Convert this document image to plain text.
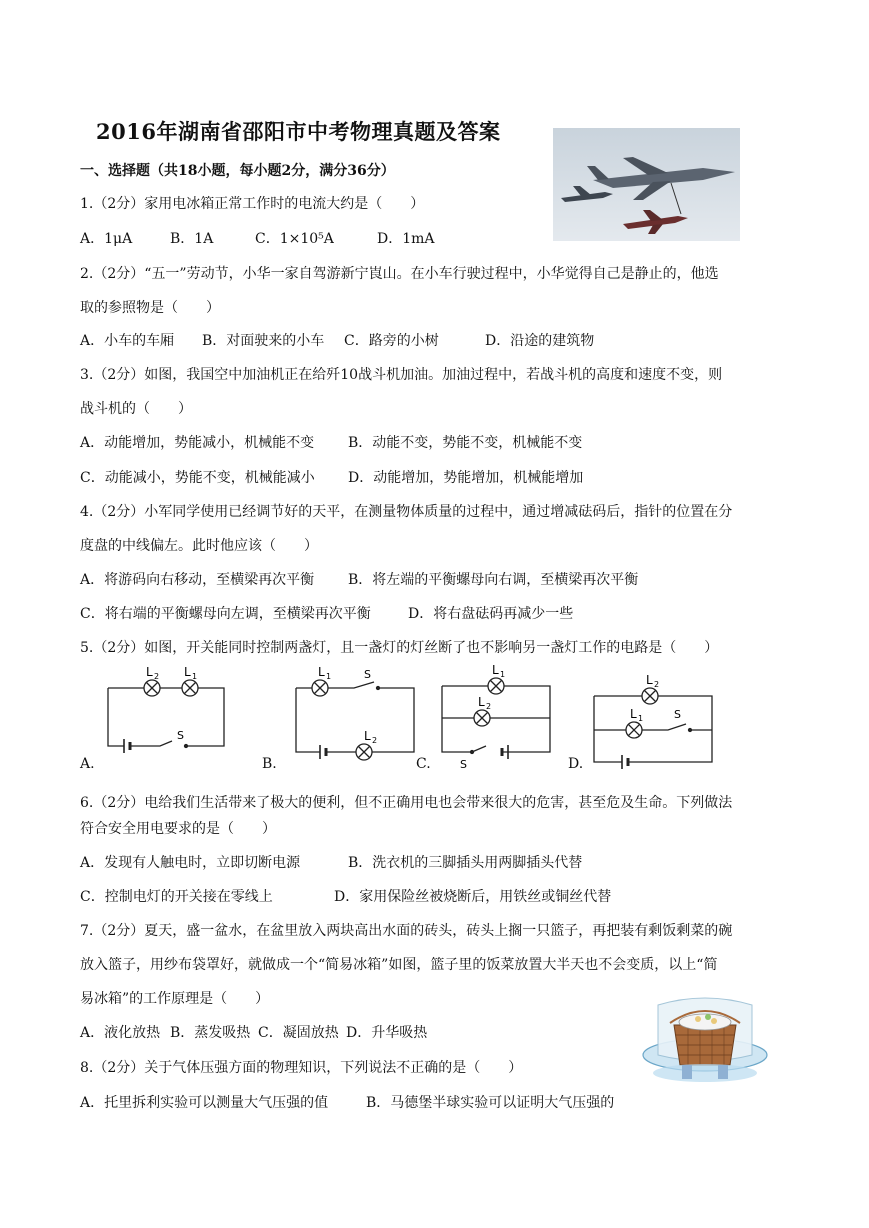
2016年湖南省邵阳市中考物理真题及答案
一、选择题（共18小题，每小题2分，满分36分）
1.（2分）家用电冰箱正常工作时的电流大约是（　　）
A．1μA	B．1A	C．1×10⁵A	D．1mA
2.（2分）“五一”劳动节，小华一家自驾游新宁崀山。在小车行驶过程中，小华觉得自己是静止的，他选
取的参照物是（　　）
A．小车的车厢 B．对面驶来的小车 C．路旁的小树	D．沿途的建筑物
3.（2分）如图，我国空中加油机正在给歼10战斗机加油。加油过程中，若战斗机的高度和速度不变，则
战斗机的（　　）
A．动能增加，势能减小，机械能不变 B．动能不变，势能不变，机械能不变
C．动能减小，势能不变，机械能减小 D．动能增加，势能增加，机械能增加
4.（2分）小军同学使用已经调节好的天平，在测量物体质量的过程中，通过增减砝码后，指针的位置在分
度盘的中线偏左。此时他应该（　　）
A．将游码向右移动，至横梁再次平衡 B．将左端的平衡螺母向右调，至横梁再次平衡
C．将右端的平衡螺母向左调，至横梁再次平衡	D．将右盘砝码再减少一些
5.（2分）如图，开关能同时控制两盏灯，且一盏灯的灯丝断了也不影响另一盏灯工作的电路是（　　）
L 2 L 1
S
A.
L 1	S
L 2
B.
L 1
L 2
S
C.
L 2
L 1	S
D.
6.（2分）电给我们生活带来了极大的便利，但不正确用电也会带来很大的危害，甚至危及生命。下列做法
符合安全用电要求的是（　　）
A．发现有人触电时，立即切断电源	B．洗衣机的三脚插头用两脚插头代替
C．控制电灯的开关接在零线上	D．家用保险丝被烧断后，用铁丝或铜丝代替
7.（2分）夏天，盛一盆水，在盆里放入两块高出水面的砖头，砖头上搁一只篮子，再把装有剩饭剩菜的碗
放入篮子，用纱布袋罩好，就做成一个“简易冰箱”如图，篮子里的饭菜放置大半天也不会变质，以上“简
易冰箱”的工作原理是（　　）
A．液化放热 B．蒸发吸热 C．凝固放热 D．升华吸热
8.（2分）关于气体压强方面的物理知识，下列说法不正确的是（　　）
A．托里拆利实验可以测量大气压强的值	B．马德堡半球实验可以证明大气压强的
